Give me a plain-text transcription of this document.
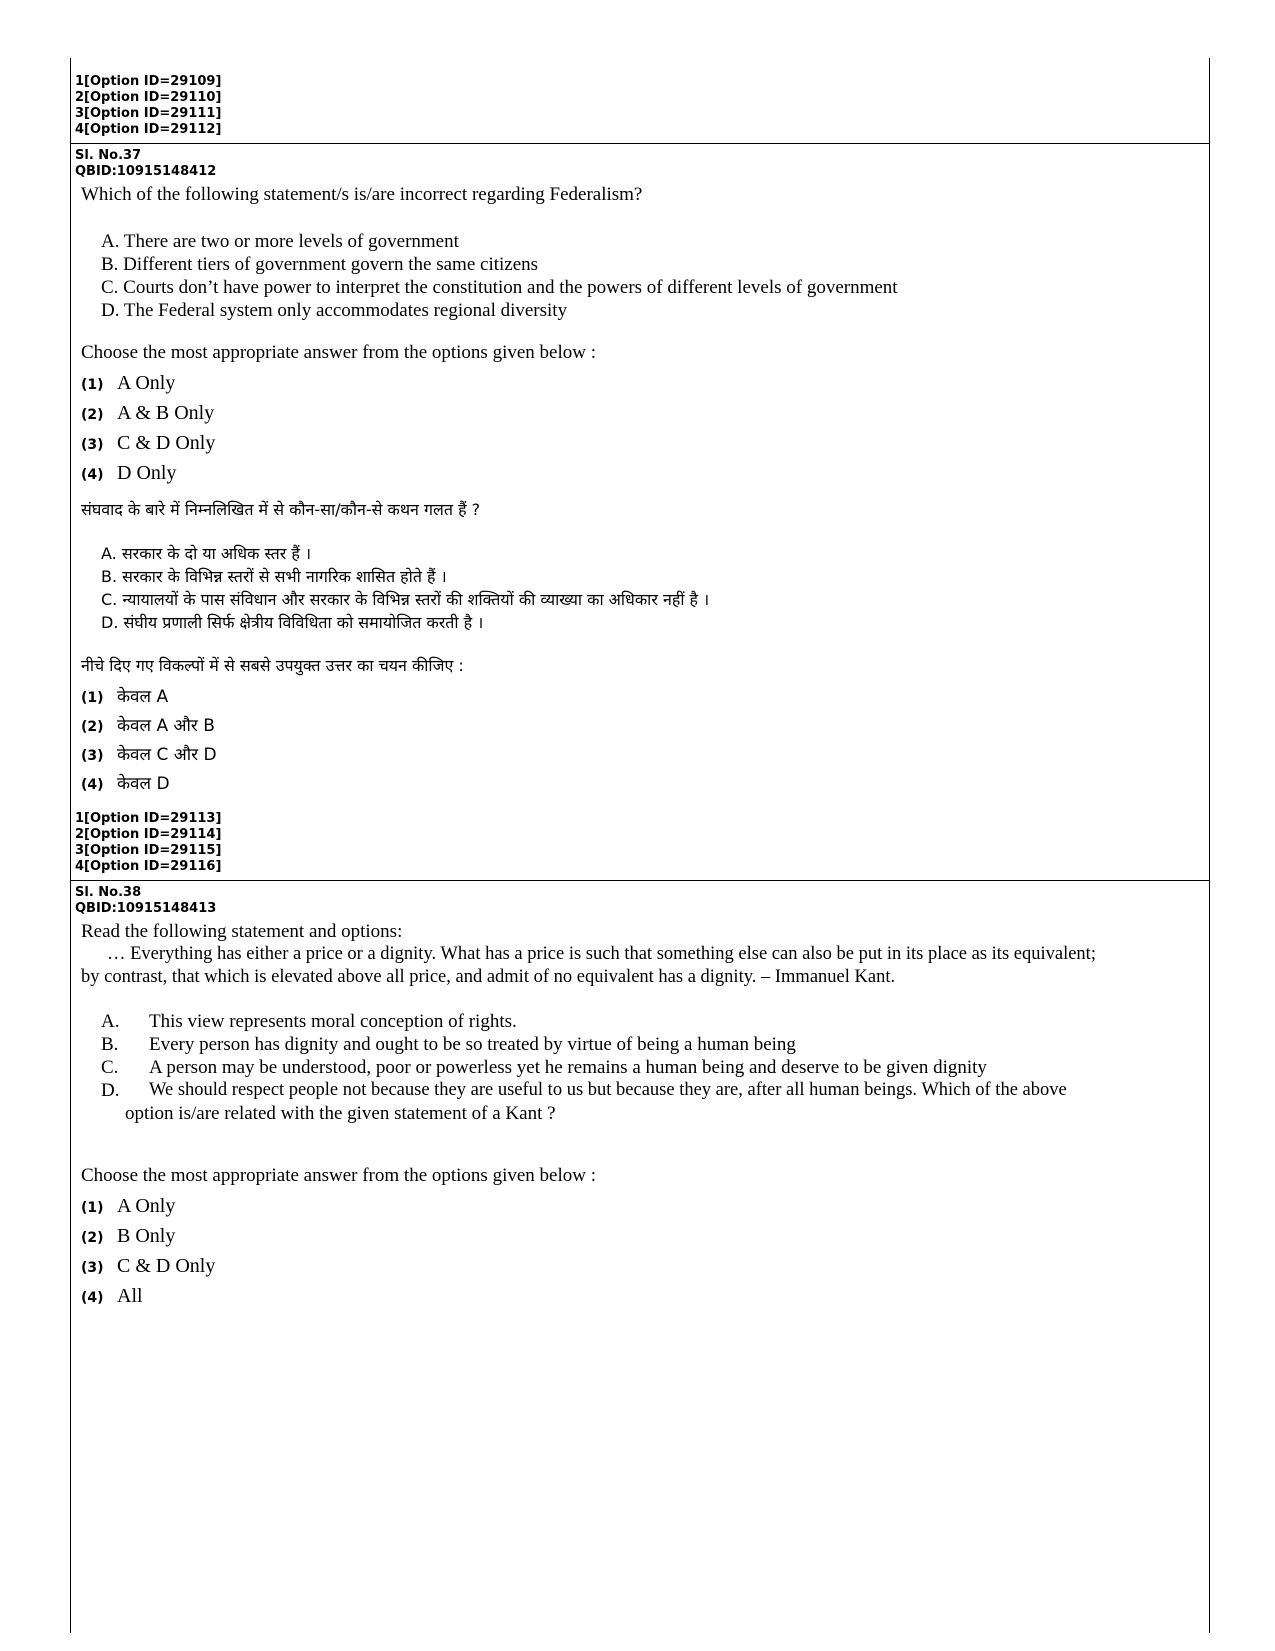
1[Option ID=29109]
2[Option ID=29110]
3[Option ID=29111]
4[Option ID=29112]
Sl. No.37
QBID:10915148412
Which of the following statement/s is/are incorrect regarding Federalism?
A. There are two or more levels of government
B. Different tiers of government govern the same citizens
C. Courts don’t have power to interpret the constitution and the powers of different levels of government
D. The Federal system only accommodates regional diversity
Choose the most appropriate answer from the options given below :
(1) A Only
(2) A & B Only
(3) C & D Only
(4) D Only
संघवाद के बारे में निम्नलिखित में से कौन-सा/कौन-से कथन गलत हैं ?
A. सरकार के दो या अधिक स्तर हैं ।
B. सरकार के विभिन्न स्तरों से सभी नागरिक शासित होते हैं ।
C. न्यायालयों के पास संविधान और सरकार के विभिन्न स्तरों की शक्तियों की व्याख्या का अधिकार नहीं है ।
D. संघीय प्रणाली सिर्फ क्षेत्रीय विविधिता को समायोजित करती है ।
नीचे दिए गए विकल्पों में से सबसे उपयुक्त उत्तर का चयन कीजिए :
(1) केवल A
(2) केवल A और B
(3) केवल C और D
(4) केवल D
1[Option ID=29113]
2[Option ID=29114]
3[Option ID=29115]
4[Option ID=29116]
Sl. No.38
QBID:10915148413
Read the following statement and options:
… Everything has either a price or a dignity. What has a price is such that something else can also be put in its place as its equivalent;
by contrast, that which is elevated above all price, and admit of no equivalent has a dignity. – Immanuel Kant.
A.	This view represents moral conception of rights.
B.	Every person has dignity and ought to be so treated by virtue of being a human being
C.	A person may be understood, poor or powerless yet he remains a human being and deserve to be given dignity
D.	We should respect people not because they are useful to us but because they are, after all human beings. Which of the above
option is/are related with the given statement of a Kant ?
Choose the most appropriate answer from the options given below :
(1) A Only
(2) B Only
(3) C & D Only
(4) All
